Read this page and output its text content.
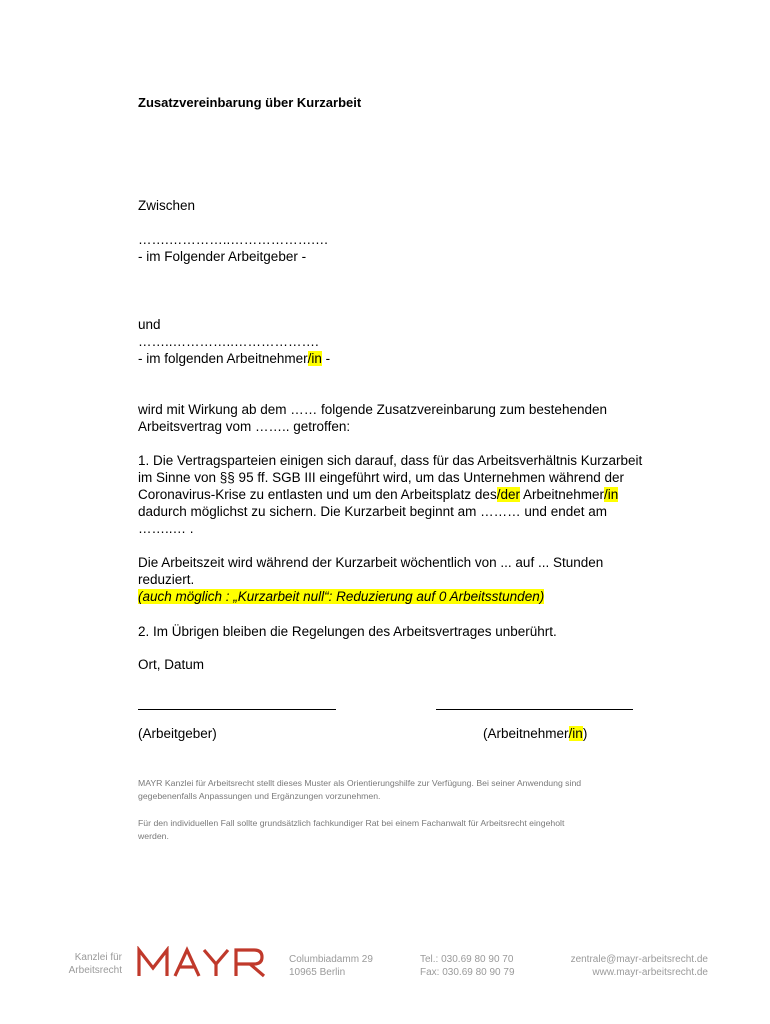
Zusatzvereinbarung über Kurzarbeit
Zwischen
…….…………..……………….…
- im Folgender Arbeitgeber -
und
……..…………..……………….
- im folgenden Arbeitnehmer/in -
wird mit Wirkung ab dem …… folgende Zusatzvereinbarung zum bestehenden
Arbeitsvertrag vom …….. getroffen:
1. Die Vertragsparteien einigen sich darauf, dass für das Arbeitsverhältnis Kurzarbeit
im Sinne von §§ 95 ff. SGB III eingeführt wird, um das Unternehmen während der
Coronavirus-Krise zu entlasten und um den Arbeitsplatz des/der Arbeitnehmer/in
dadurch möglichst zu sichern. Die Kurzarbeit beginnt am ……… und endet am
……..… .
Die Arbeitszeit wird während der Kurzarbeit wöchentlich von ... auf ... Stunden
reduziert.
(auch möglich : „Kurzarbeit null“: Reduzierung auf 0 Arbeitsstunden)
2. Im Übrigen bleiben die Regelungen des Arbeitsvertrages unberührt.
Ort, Datum
(Arbeitgeber)	(Arbeitnehmer/in)
MAYR Kanzlei für Arbeitsrecht stellt dieses Muster als Orientierungshilfe zur Verfügung. Bei seiner Anwendung sind
gegebenenfalls Anpassungen und Ergänzungen vorzunehmen.
Für den individuellen Fall sollte grundsätzlich fachkundiger Rat bei einem Fachanwalt für Arbeitsrecht eingeholt
werden.
Kanzlei für
Arbeitsrecht
Columbiadamm 29
10965 Berlin
Tel.: 030.69 80 90 70
Fax: 030.69 80 90 79
zentrale@mayr-arbeitsrecht.de
www.mayr-arbeitsrecht.de
